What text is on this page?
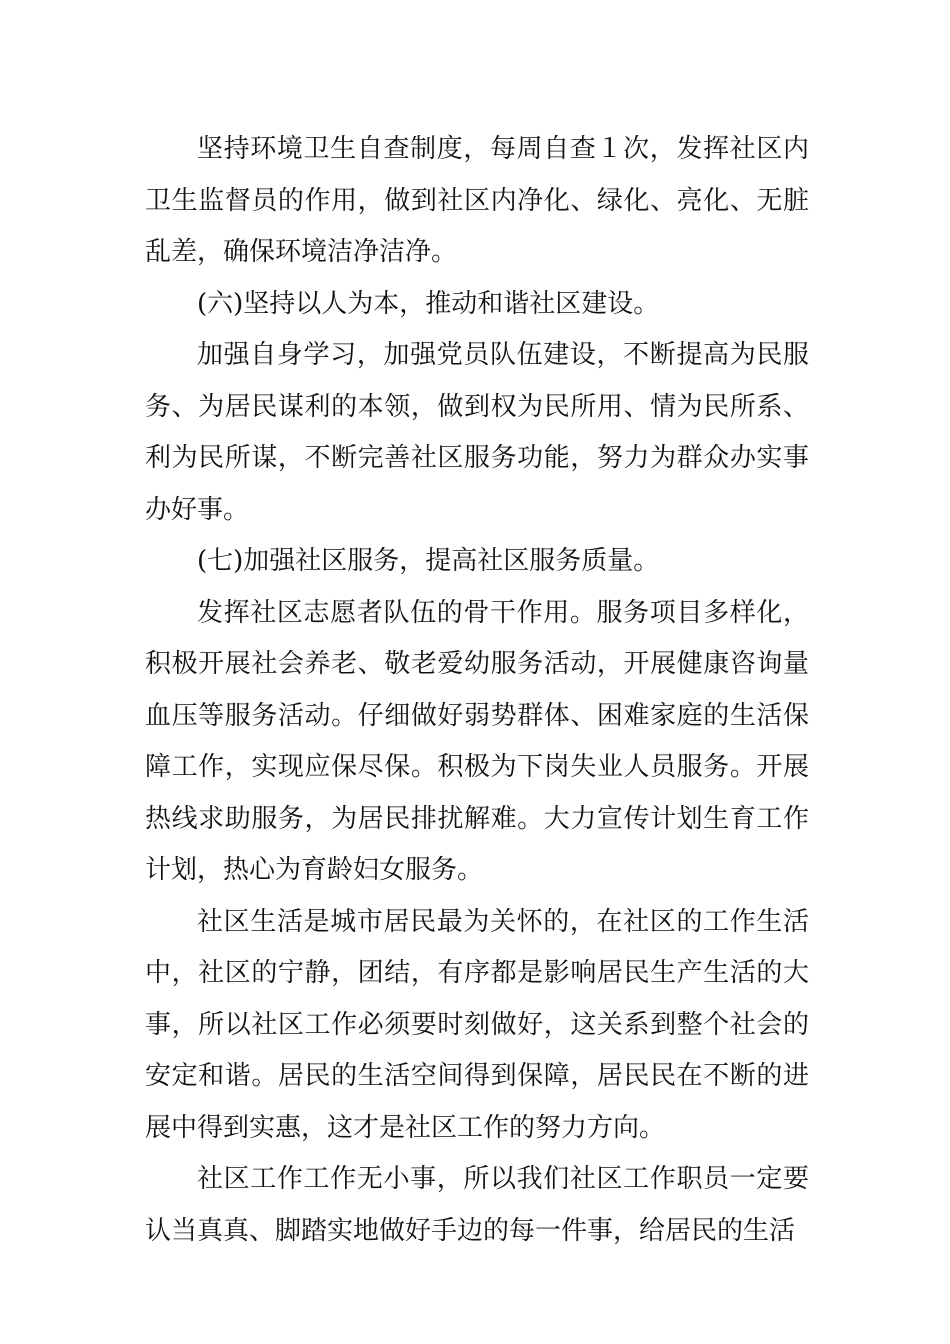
坚持环境卫生自查制度，每周自查１次，发挥社区内卫生监督员的作用，做到社区内净化、绿化、亮化、无脏乱差，确保环境洁净洁净。

(六)坚持以人为本，推动和谐社区建设。

加强自身学习，加强党员队伍建设，不断提高为民服务、为居民谋利的本领，做到权为民所用、情为民所系、利为民所谋，不断完善社区服务功能，努力为群众办实事办好事。

(七)加强社区服务，提高社区服务质量。

发挥社区志愿者队伍的骨干作用。服务项目多样化，积极开展社会养老、敬老爱幼服务活动，开展健康咨询量血压等服务活动。仔细做好弱势群体、困难家庭的生活保障工作，实现应保尽保。积极为下岗失业人员服务。开展热线求助服务，为居民排扰解难。大力宣传计划生育工作计划，热心为育龄妇女服务。

社区生活是城市居民最为关怀的，在社区的工作生活中，社区的宁静，团结，有序都是影响居民生产生活的大事，所以社区工作必须要时刻做好，这关系到整个社会的安定和谐。居民的生活空间得到保障，居民民在不断的进展中得到实惠，这才是社区工作的努力方向。

社区工作工作无小事，所以我们社区工作职员一定要认当真真、脚踏实地做好手边的每一件事，给居民的生活
